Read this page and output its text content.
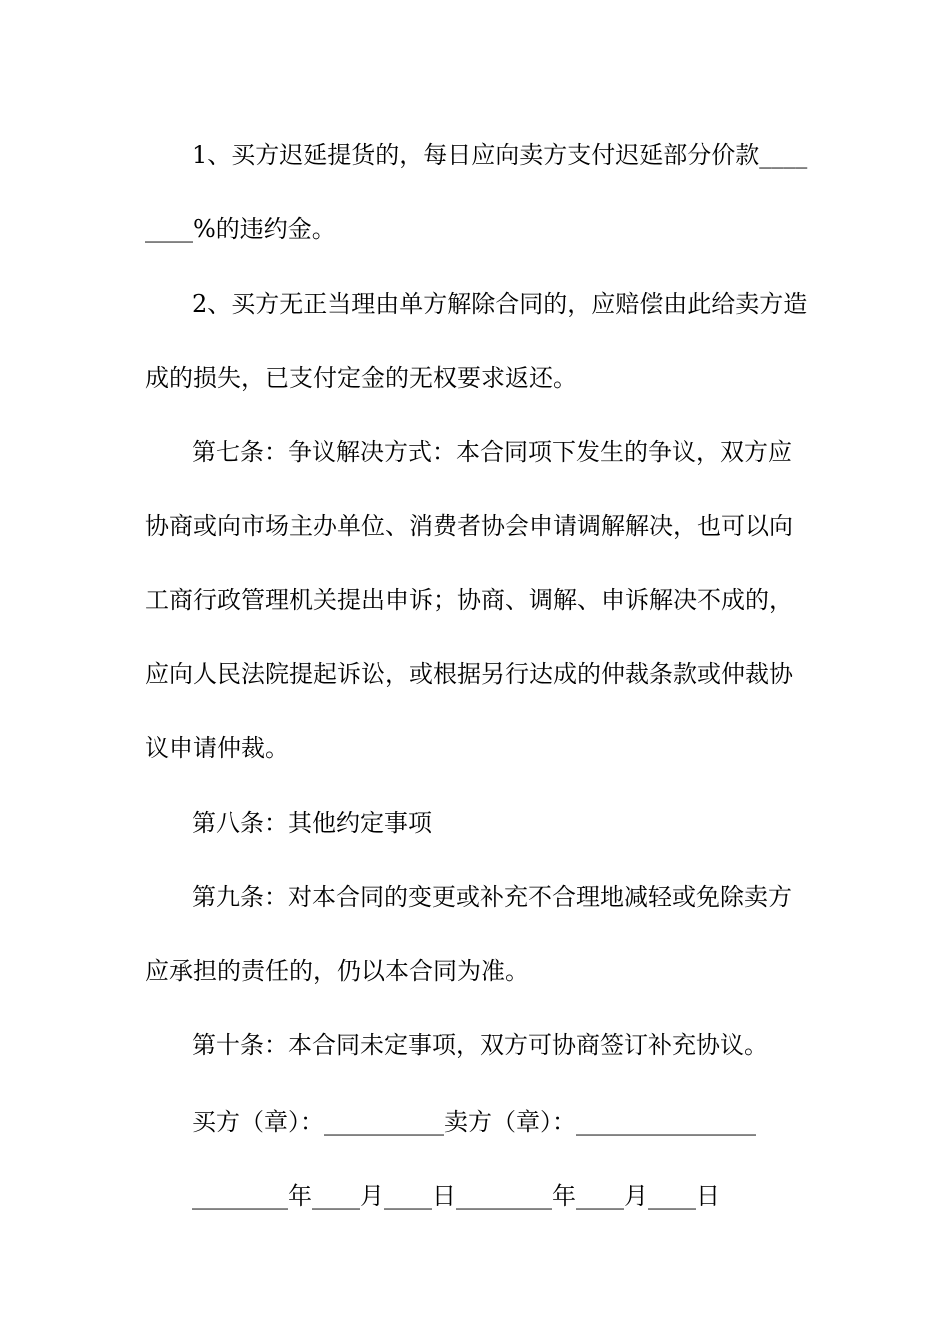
1、买方迟延提货的，每日应向卖方支付迟延部分价款____
____%的违约金。
2、买方无正当理由单方解除合同的，应赔偿由此给卖方造
成的损失，已支付定金的无权要求返还。
第七条：争议解决方式：本合同项下发生的争议，双方应
协商或向市场主办单位、消费者协会申请调解解决，也可以向
工商行政管理机关提出申诉；协商、调解、申诉解决不成的，
应向人民法院提起诉讼，或根据另行达成的仲裁条款或仲裁协
议申请仲裁。
第八条：其他约定事项
第九条：对本合同的变更或补充不合理地减轻或免除卖方
应承担的责任的，仍以本合同为准。
第十条：本合同未定事项，双方可协商签订补充协议。
买方（章）：__________卖方（章）：_______________
________年____月____日________年____月____日
